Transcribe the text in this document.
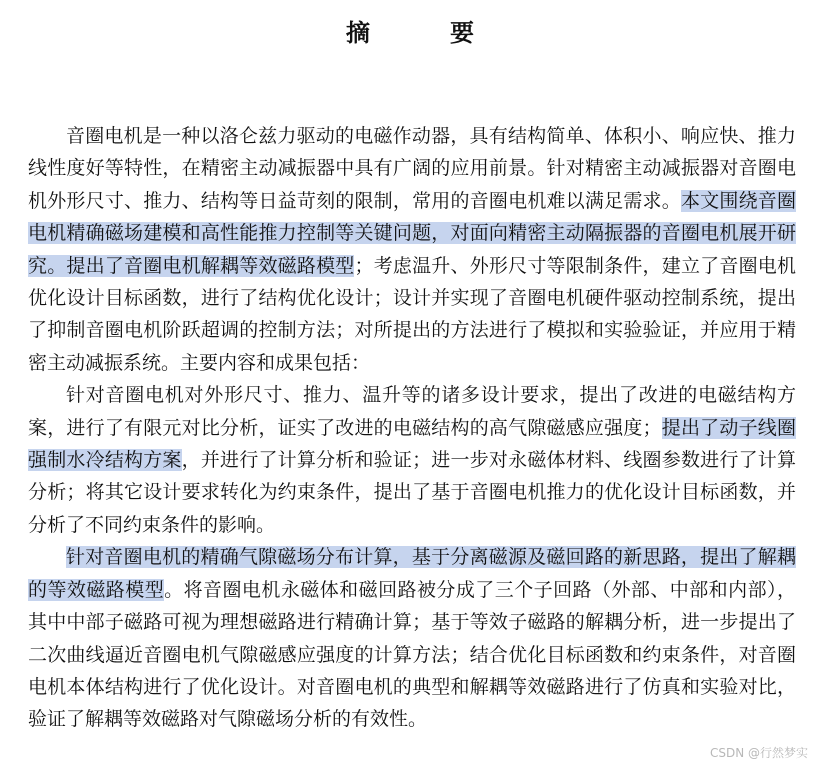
摘　要

音圈电机是一种以洛仑兹力驱动的电磁作动器，具有结构简单、体积小、响应快、推力线性度好等特性，在精密主动减振器中具有广阔的应用前景。针对精密主动减振器对音圈电机外形尺寸、推力、结构等日益苛刻的限制，常用的音圈电机难以满足需求。本文围绕音圈电机精确磁场建模和高性能推力控制等关键问题，对面向精密主动隔振器的音圈电机展开研究。提出了音圈电机解耦等效磁路模型；考虑温升、外形尺寸等限制条件，建立了音圈电机优化设计目标函数，进行了结构优化设计；设计并实现了音圈电机硬件驱动控制系统，提出了抑制音圈电机阶跃超调的控制方法；对所提出的方法进行了模拟和实验验证，并应用于精密主动减振系统。主要内容和成果包括：

针对音圈电机对外形尺寸、推力、温升等的诸多设计要求，提出了改进的电磁结构方案，进行了有限元对比分析，证实了改进的电磁结构的高气隙磁感应强度；提出了动子线圈强制水冷结构方案，并进行了计算分析和验证；进一步对永磁体材料、线圈参数进行了计算分析；将其它设计要求转化为约束条件，提出了基于音圈电机推力的优化设计目标函数，并分析了不同约束条件的影响。

针对音圈电机的精确气隙磁场分布计算，基于分离磁源及磁回路的新思路，提出了解耦的等效磁路模型。将音圈电机永磁体和磁回路被分成了三个子回路（外部、中部和内部），其中中部子磁路可视为理想磁路进行精确计算；基于等效子磁路的解耦分析，进一步提出了二次曲线逼近音圈电机气隙磁感应强度的计算方法；结合优化目标函数和约束条件，对音圈电机本体结构进行了优化设计。对音圈电机的典型和解耦等效磁路进行了仿真和实验对比，验证了解耦等效磁路对气隙磁场分析的有效性。

CSDN @行然梦实
